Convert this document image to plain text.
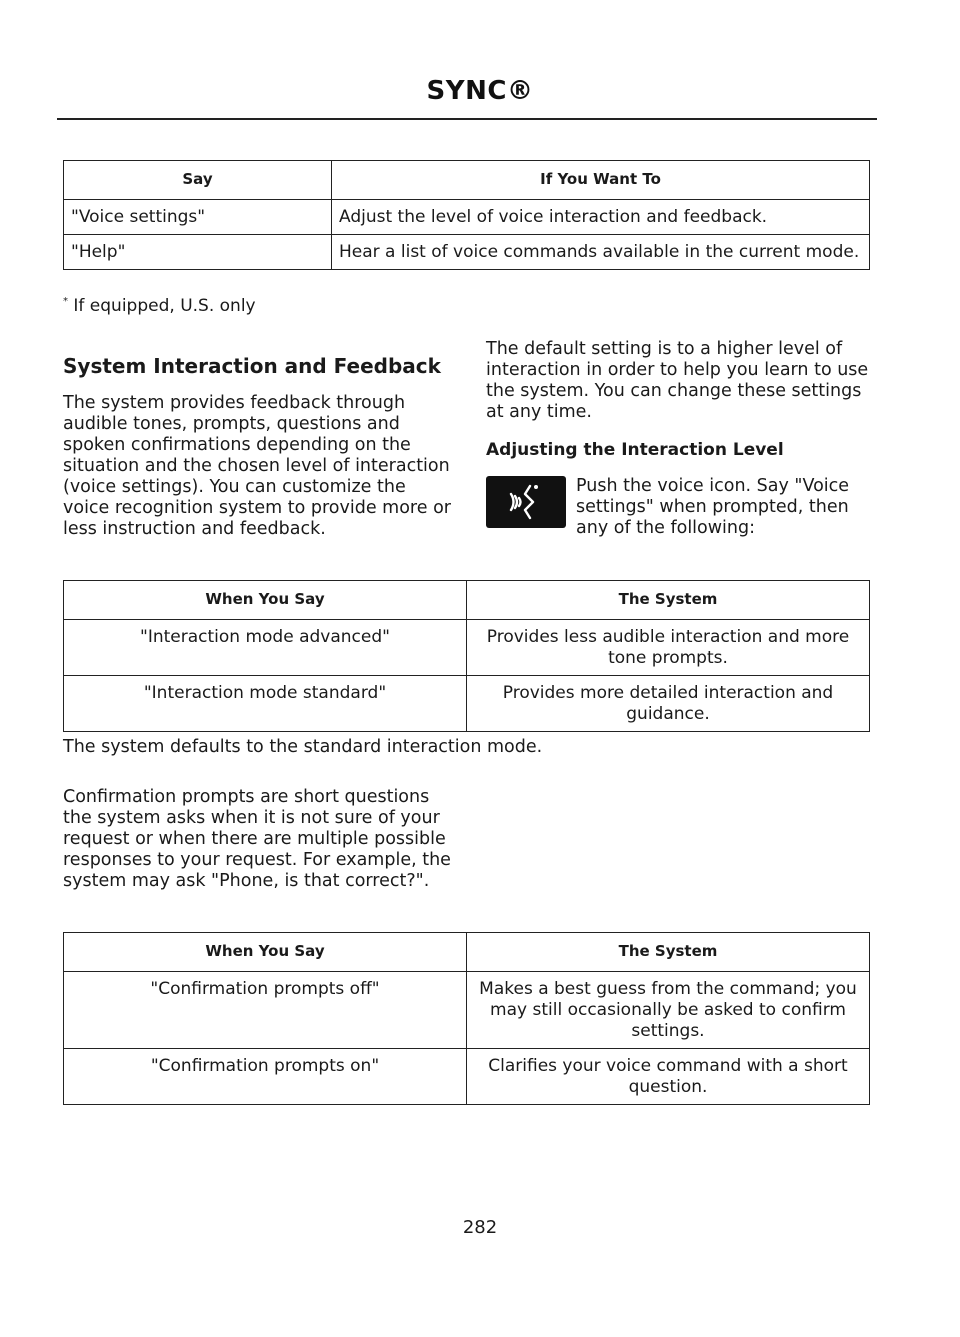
SYNC®
Say	If You Want To
"Voice settings"	Adjust the level of voice interaction and feedback.
"Help"	Hear a list of voice commands available in the current mode.
* If equipped, U.S. only
System Interaction and Feedback
The system provides feedback through audible tones, prompts, questions and spoken confirmations depending on the situation and the chosen level of interaction (voice settings). You can customize the voice recognition system to provide more or less instruction and feedback.
The default setting is to a higher level of interaction in order to help you learn to use the system. You can change these settings at any time.
Adjusting the Interaction Level
Push the voice icon. Say "Voice settings" when prompted, then any of the following:
When You Say	The System
"Interaction mode advanced"	Provides less audible interaction and more tone prompts.
"Interaction mode standard"	Provides more detailed interaction and guidance.
The system defaults to the standard interaction mode.
Confirmation prompts are short questions the system asks when it is not sure of your request or when there are multiple possible responses to your request. For example, the system may ask "Phone, is that correct?".
When You Say	The System
"Confirmation prompts off"	Makes a best guess from the command; you may still occasionally be asked to confirm settings.
"Confirmation prompts on"	Clarifies your voice command with a short question.
282
